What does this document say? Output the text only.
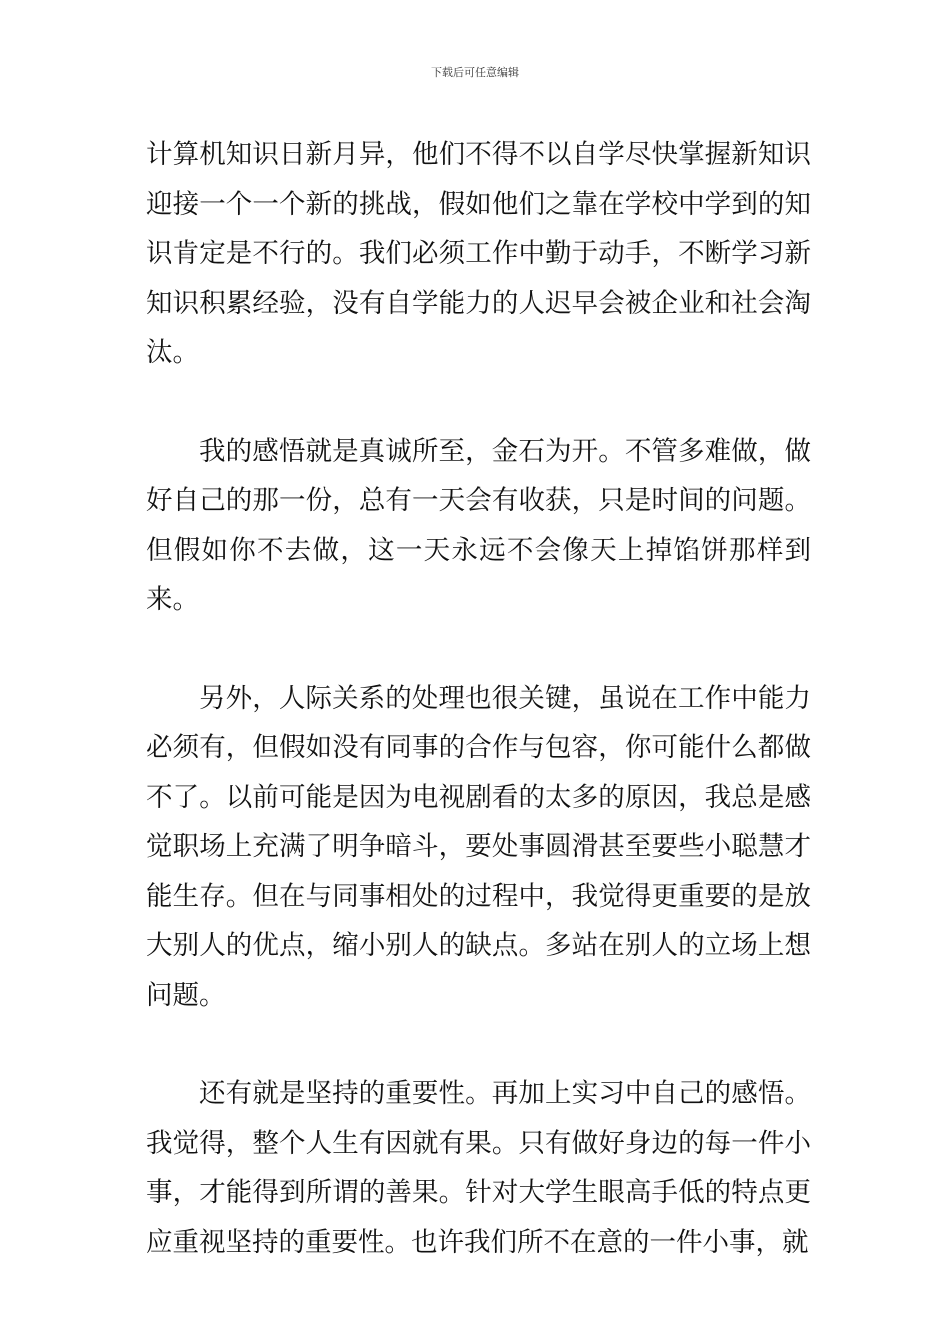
下载后可任意编辑

计算机知识日新月异，他们不得不以自学尽快掌握新知识迎接一个一个新的挑战，假如他们之靠在学校中学到的知识肯定是不行的。我们必须工作中勤于动手，不断学习新知识积累经验，没有自学能力的人迟早会被企业和社会淘汰。

我的感悟就是真诚所至，金石为开。不管多难做，做好自己的那一份，总有一天会有收获，只是时间的问题。但假如你不去做，这一天永远不会像天上掉馅饼那样到来。

另外，人际关系的处理也很关键，虽说在工作中能力必须有，但假如没有同事的合作与包容，你可能什么都做不了。以前可能是因为电视剧看的太多的原因，我总是感觉职场上充满了明争暗斗，要处事圆滑甚至要些小聪慧才能生存。但在与同事相处的过程中，我觉得更重要的是放大别人的优点，缩小别人的缺点。多站在别人的立场上想问题。

还有就是坚持的重要性。再加上实习中自己的感悟。我觉得，整个人生有因就有果。只有做好身边的每一件小事，才能得到所谓的善果。针对大学生眼高手低的特点更应重视坚持的重要性。也许我们所不在意的一件小事，就
